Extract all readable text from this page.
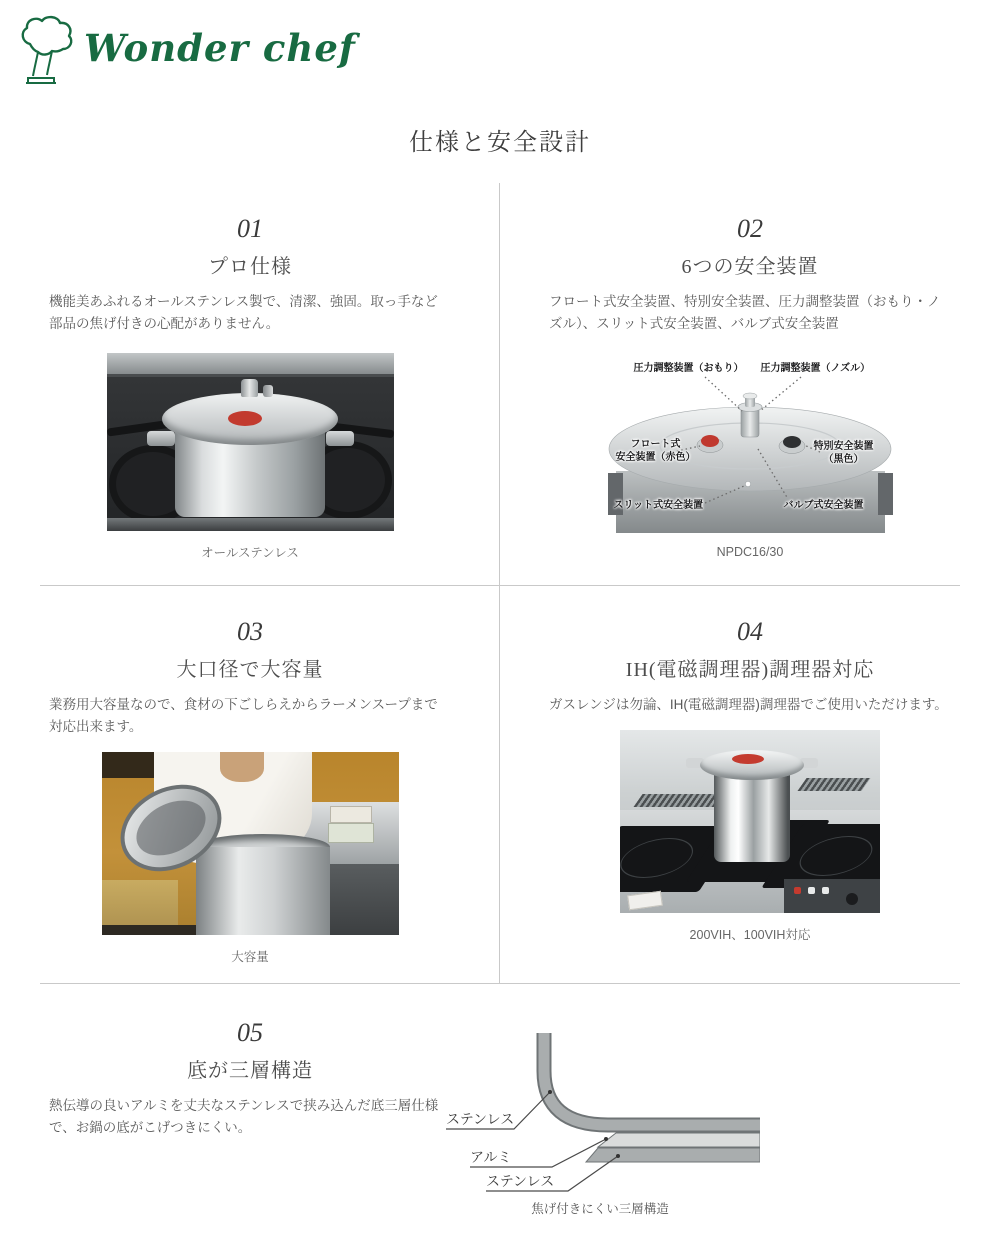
Wonder chef
仕様と安全設計
01
プロ仕様

機能美あふれるオールステンレス製で、清潔、強固。取っ手など部品の焦げ付きの心配がありません。

オールステンレス
02
6つの安全装置

フロート式安全装置、特別安全装置、圧力調整装置（おもり・ノズル）、スリット式安全装置、バルブ式安全装置

圧力調整装置（おもり） 圧力調整装置（ノズル）
フロート式
安全装置（赤色）
特別安全装置
（黒色）
スリット式安全装置	バルブ式安全装置
NPDC16/30
03
大口径で大容量

業務用大容量なので、食材の下ごしらえからラーメンスープまで対応出来ます。

大容量
04
IH(電磁調理器)調理器対応

ガスレンジは勿論、IH(電磁調理器)調理器でご使用いただけます。

200VIH、100VIH対応
05
底が三層構造

熱伝導の良いアルミを丈夫なステンレスで挟み込んだ底三層仕様で、お鍋の底がこげつきにくい。

ステンレス
アルミ
ステンレス
焦げ付きにくい三層構造
